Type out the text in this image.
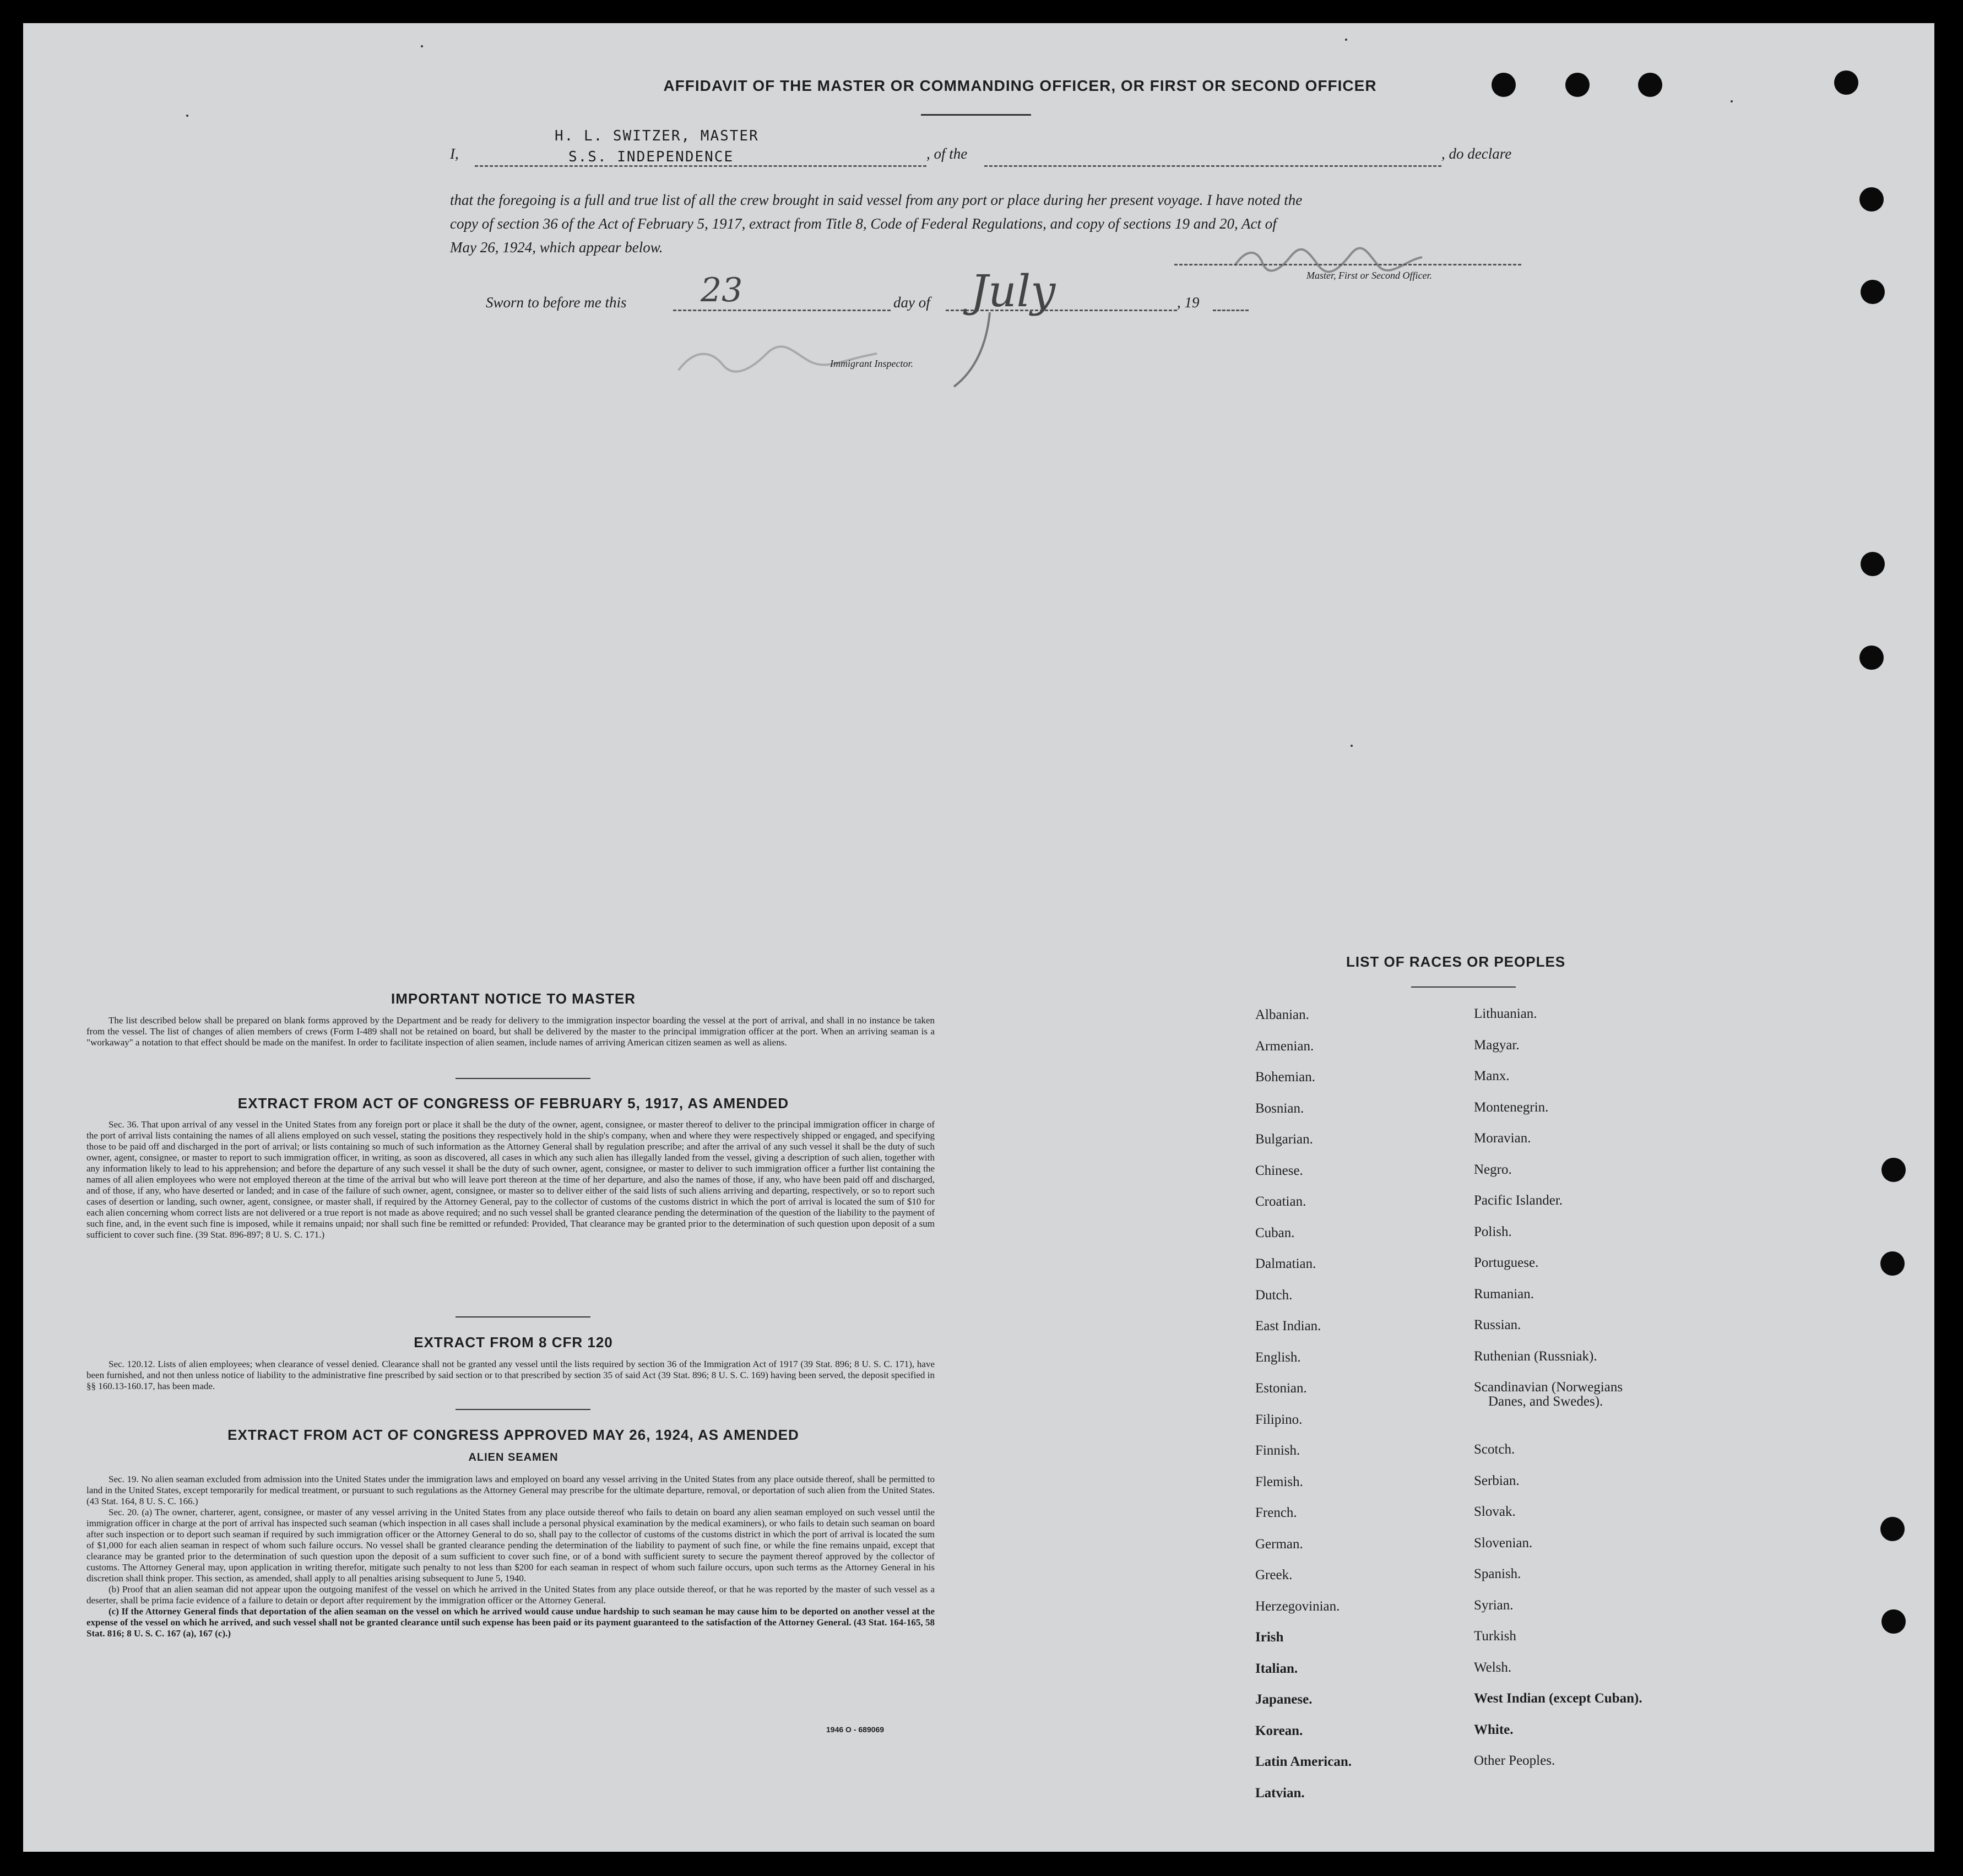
AFFIDAVIT OF THE MASTER OR COMMANDING OFFICER, OR FIRST OR SECOND OFFICER
H. L. SWITZER, MASTER
I,	S.S. INDEPENDENCE	, of the	, do declare
that the foregoing is a full and true list of all the crew brought in said vessel from any port or place during her present voyage. I have noted the
copy of section 36 of the Act of February 5, 1917, extract from Title 8, Code of Federal Regulations, and copy of sections 19 and 20, Act of
May 26, 1924, which appear below.
Master, First or Second Officer.
Sworn to before me this 23	day of July	, 19
Immigrant Inspector.
IMPORTANT NOTICE TO MASTER

The list described below shall be prepared on blank forms approved by the Department and be ready for delivery to the immigration inspector boarding the vessel at the port of arrival, and shall in no instance be taken from the vessel. The list of changes of alien members of crews (Form I-489 shall not be retained on board, but shall be delivered by the master to the principal immigration officer at the port. When an arriving seaman is a "workaway" a notation to that effect should be made on the manifest. In order to facilitate inspection of alien seamen, include names of arriving American citizen seamen as well as aliens.

EXTRACT FROM ACT OF CONGRESS OF FEBRUARY 5, 1917, AS AMENDED

Sec. 36. That upon arrival of any vessel in the United States from any foreign port or place it shall be the duty of the owner, agent, consignee, or master thereof to deliver to the principal immigration officer in charge of the port of arrival lists containing the names of all aliens employed on such vessel, stating the positions they respectively hold in the ship's company, when and where they were respectively shipped or engaged, and specifying those to be paid off and discharged in the port of arrival; or lists containing so much of such information as the Attorney General shall by regulation prescribe; and after the arrival of any such vessel it shall be the duty of such owner, agent, consignee, or master to report to such immigration officer, in writing, as soon as discovered, all cases in which any such alien has illegally landed from the vessel, giving a description of such alien, together with any information likely to lead to his apprehension; and before the departure of any such vessel it shall be the duty of such owner, agent, consignee, or master to deliver to such immigration officer a further list containing the names of all alien employees who were not employed thereon at the time of the arrival but who will leave port thereon at the time of her departure, and also the names of those, if any, who have been paid off and discharged, and of those, if any, who have deserted or landed; and in case of the failure of such owner, agent, consignee, or master so to deliver either of the said lists of such aliens arriving and departing, respectively, or so to report such cases of desertion or landing, such owner, agent, consignee, or master shall, if required by the Attorney General, pay to the collector of customs of the customs district in which the port of arrival is located the sum of $10 for each alien concerning whom correct lists are not delivered or a true report is not made as above required; and no such vessel shall be granted clearance pending the determination of the question of the liability to the payment of such fine, and, in the event such fine is imposed, while it remains unpaid; nor shall such fine be remitted or refunded: Provided, That clearance may be granted prior to the determination of such question upon deposit of a sum sufficient to cover such fine. (39 Stat. 896-897; 8 U. S. C. 171.)

EXTRACT FROM 8 CFR 120

Sec. 120.12. Lists of alien employees; when clearance of vessel denied. Clearance shall not be granted any vessel until the lists required by section 36 of the Immigration Act of 1917 (39 Stat. 896; 8 U. S. C. 171), have been furnished, and not then unless notice of liability to the administrative fine prescribed by said section or to that prescribed by section 35 of said Act (39 Stat. 896; 8 U. S. C. 169) having been served, the deposit specified in §§ 160.13-160.17, has been made.

EXTRACT FROM ACT OF CONGRESS APPROVED MAY 26, 1924, AS AMENDED
ALIEN SEAMEN

Sec. 19. No alien seaman excluded from admission into the United States under the immigration laws and employed on board any vessel arriving in the United States from any place outside thereof, shall be permitted to land in the United States, except temporarily for medical treatment, or pursuant to such regulations as the Attorney General may prescribe for the ultimate departure, removal, or deportation of such alien from the United States. (43 Stat. 164, 8 U. S. C. 166.)

Sec. 20. (a) The owner, charterer, agent, consignee, or master of any vessel arriving in the United States from any place outside thereof who fails to detain on board any alien seaman employed on such vessel until the immigration officer in charge at the port of arrival has inspected such seaman (which inspection in all cases shall include a personal physical examination by the medical examiners), or who fails to detain such seaman on board after such inspection or to deport such seaman if required by such immigration officer or the Attorney General to do so, shall pay to the collector of customs of the customs district in which the port of arrival is located the sum of $1,000 for each alien seaman in respect of whom such failure occurs. No vessel shall be granted clearance pending the determination of the liability to payment of such fine, or while the fine remains unpaid, except that clearance may be granted prior to the determination of such question upon the deposit of a sum sufficient to cover such fine, or of a bond with sufficient surety to secure the payment thereof approved by the collector of customs. The Attorney General may, upon application in writing therefor, mitigate such penalty to not less than $200 for each seaman in respect of whom such failure occurs, upon such terms as the Attorney General in his discretion shall think proper. This section, as amended, shall apply to all penalties arising subsequent to June 5, 1940.

(b) Proof that an alien seaman did not appear upon the outgoing manifest of the vessel on which he arrived in the United States from any place outside thereof, or that he was reported by the master of such vessel as a deserter, shall be prima facie evidence of a failure to detain or deport after requirement by the immigration officer or the Attorney General.

(c) If the Attorney General finds that deportation of the alien seaman on the vessel on which he arrived would cause undue hardship to such seaman he may cause him to be deported on another vessel at the expense of the vessel on which he arrived, and such vessel shall not be granted clearance until such expense has been paid or its payment guaranteed to the satisfaction of the Attorney General. (43 Stat. 164-165, 58 Stat. 816; 8 U. S. C. 167 (a), 167 (c).)

1946 O - 689069
LIST OF RACES OR PEOPLES
Albanian.
Armenian.
Bohemian.
Bosnian.
Bulgarian.
Chinese.
Croatian.
Cuban.
Dalmatian.
Dutch.
East Indian.
English.
Estonian.
Filipino.
Finnish.
Flemish.
French.
German.
Greek.
Herzegovinian.
Irish
Italian.
Japanese.
Korean.
Latin American.
Latvian.
Lithuanian.
Magyar.
Manx.
Montenegrin.
Moravian.
Negro.
Pacific Islander.
Polish.
Portuguese.
Rumanian.
Russian.
Ruthenian (Russniak).
Scandinavian (Norwegians
Danes, and Swedes).
Scotch.
Serbian.
Slovak.
Slovenian.
Spanish.
Syrian.
Turkish
Welsh.
West Indian (except Cuban).
White.
Other Peoples.
